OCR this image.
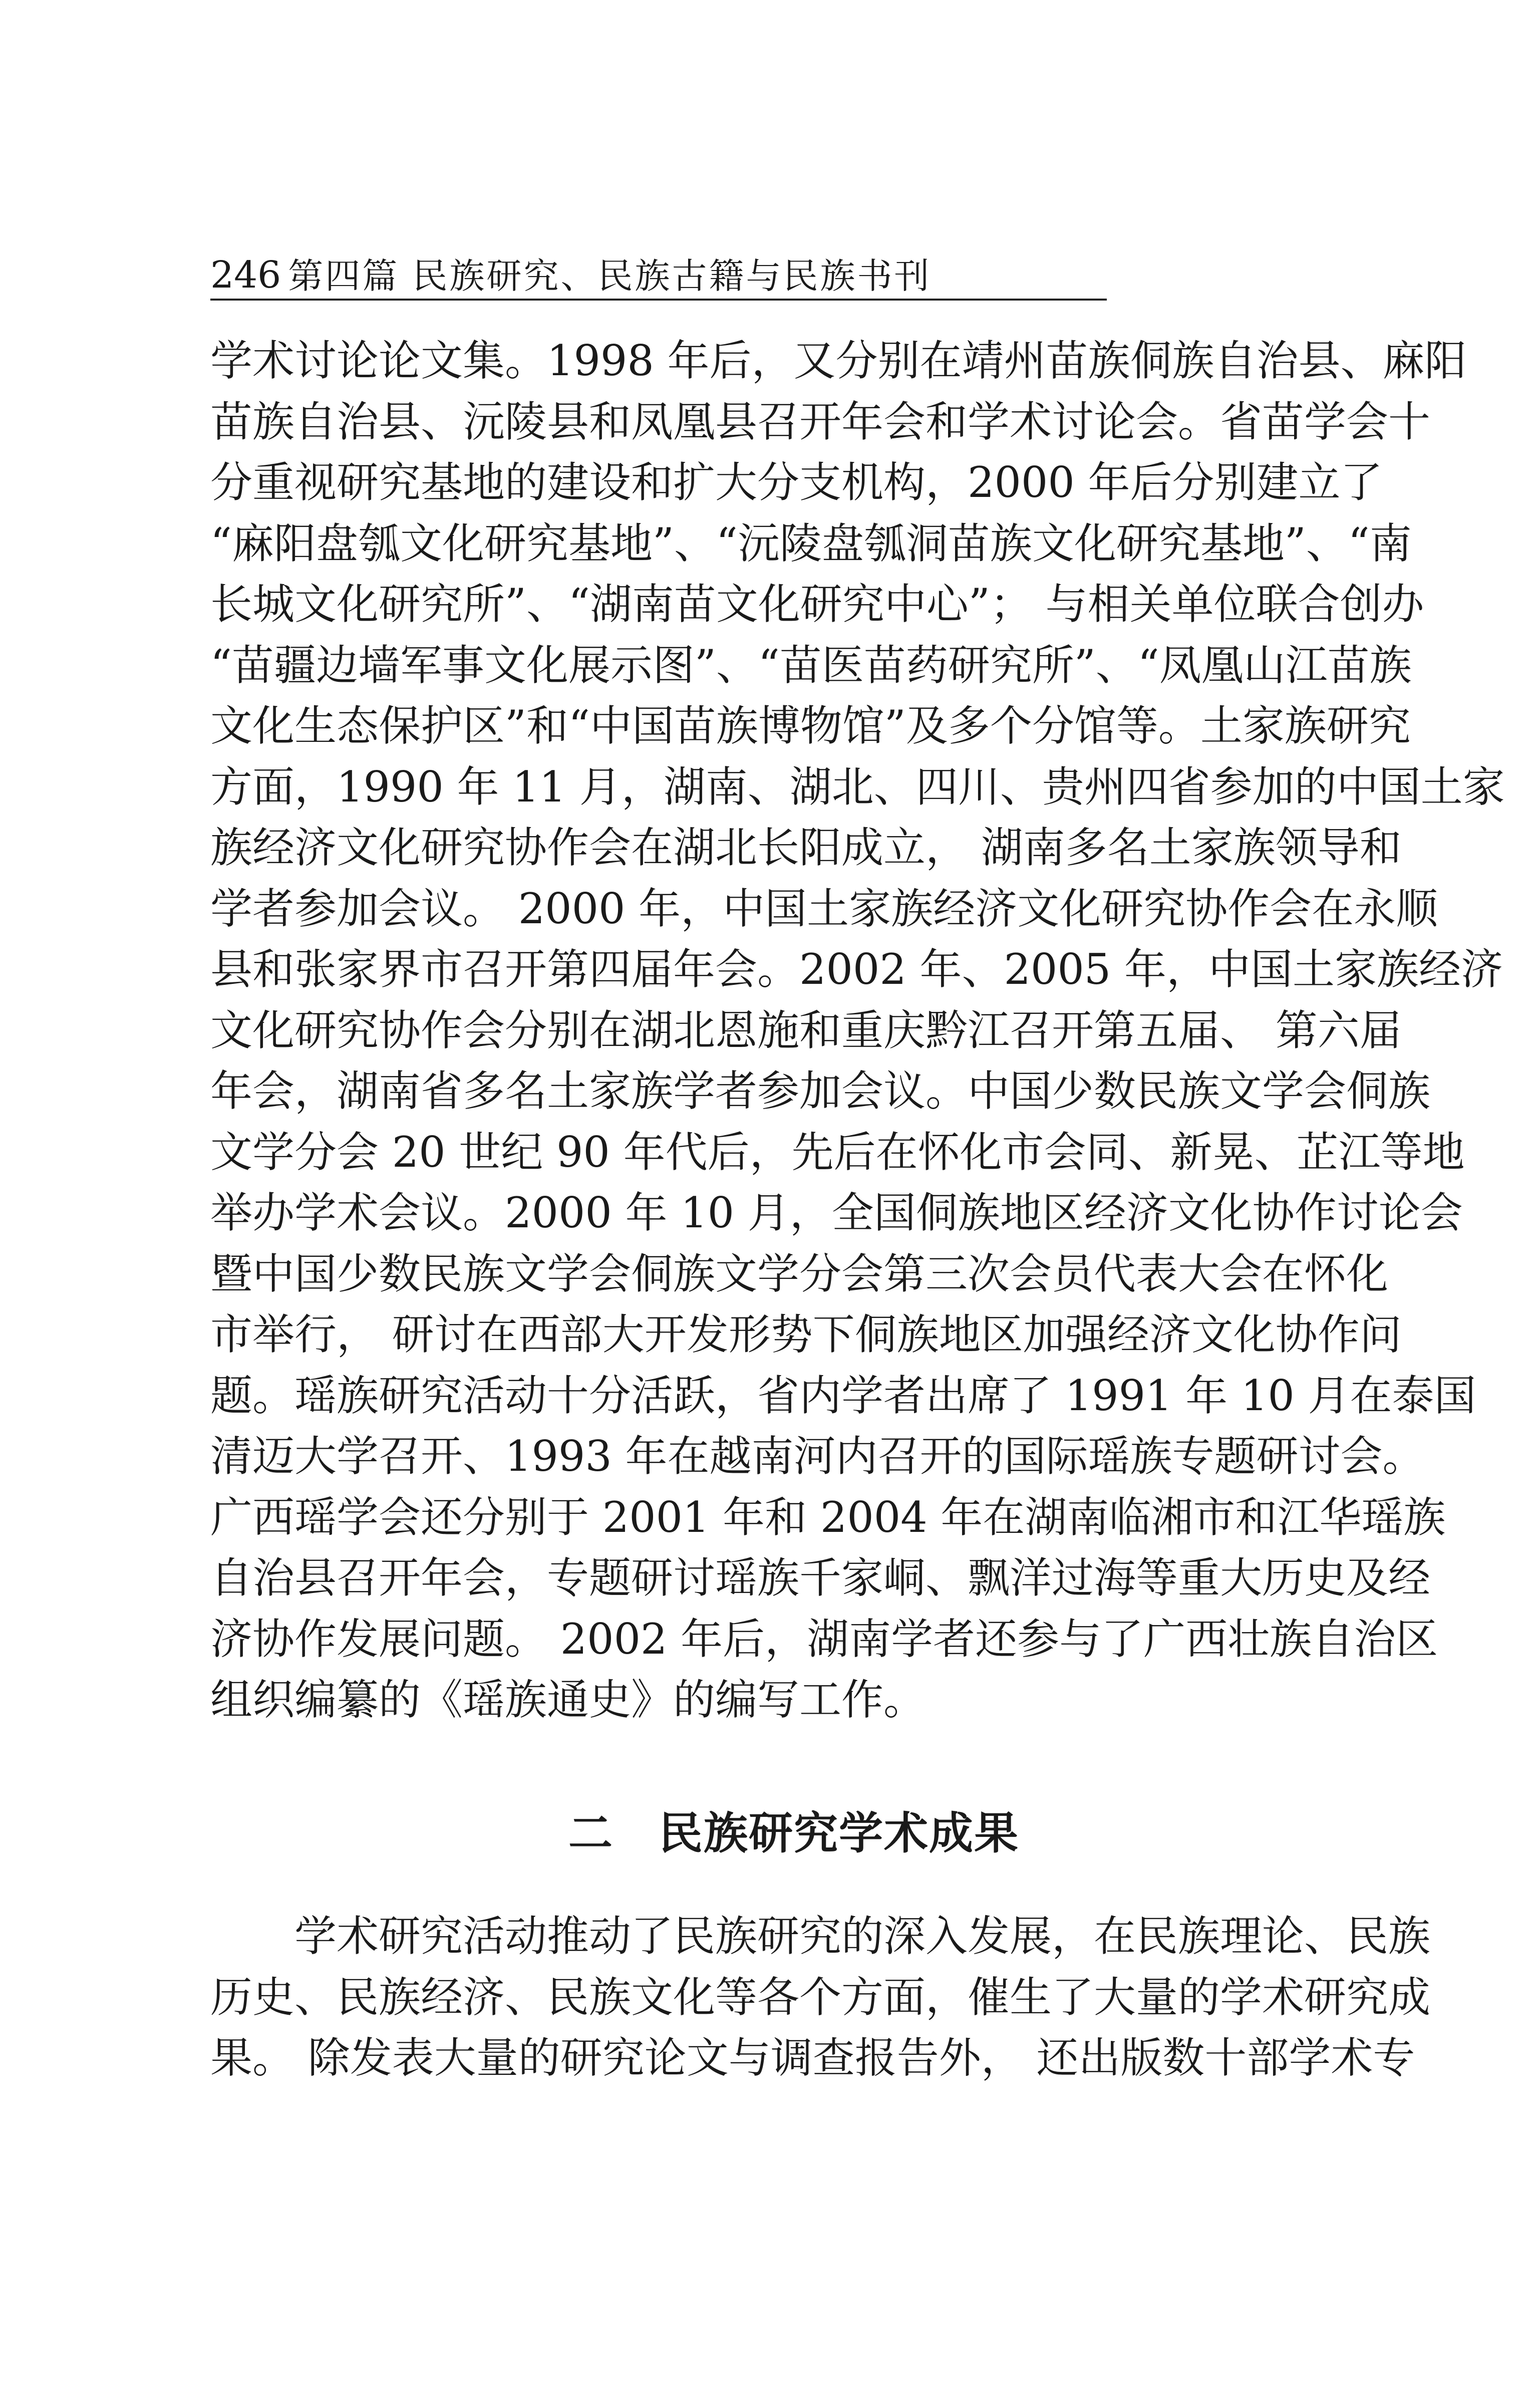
246 第四篇 民族研究、民族古籍与民族书刊
学术讨论论文集。1998 年后，又分别在靖州苗族侗族自治县、麻阳
苗族自治县、沅陵县和凤凰县召开年会和学术讨论会。省苗学会十
分重视研究基地的建设和扩大分支机构，2000 年后分别建立了
“麻阳盘瓠文化研究基地”、“沅陵盘瓠洞苗族文化研究基地”、“南
长城文化研究所”、“湖南苗文化研究中心”； 与相关单位联合创办
“苗疆边墙军事文化展示图”、“苗医苗药研究所”、“凤凰山江苗族
文化生态保护区”和“中国苗族博物馆”及多个分馆等。土家族研究
方面，1990 年 11 月，湖南、湖北、四川、贵州四省参加的中国土家
族经济文化研究协作会在湖北长阳成立， 湖南多名土家族领导和
学者参加会议。 2000 年，中国土家族经济文化研究协作会在永顺
县和张家界市召开第四届年会。2002 年、2005 年，中国土家族经济
文化研究协作会分别在湖北恩施和重庆黔江召开第五届、 第六届
年会，湖南省多名土家族学者参加会议。中国少数民族文学会侗族
文学分会 20 世纪 90 年代后，先后在怀化市会同、新晃、芷江等地
举办学术会议。2000 年 10 月，全国侗族地区经济文化协作讨论会
暨中国少数民族文学会侗族文学分会第三次会员代表大会在怀化
市举行， 研讨在西部大开发形势下侗族地区加强经济文化协作问
题。瑶族研究活动十分活跃，省内学者出席了 1991 年 10 月在泰国
清迈大学召开、1993 年在越南河内召开的国际瑶族专题研讨会。
广西瑶学会还分别于 2001 年和 2004 年在湖南临湘市和江华瑶族
自治县召开年会，专题研讨瑶族千家峒、飘洋过海等重大历史及经
济协作发展问题。 2002 年后，湖南学者还参与了广西壮族自治区
组织编纂的《瑶族通史》的编写工作。
二 民族研究学术成果
学术研究活动推动了民族研究的深入发展，在民族理论、民族
历史、民族经济、民族文化等各个方面，催生了大量的学术研究成
果。 除发表大量的研究论文与调查报告外， 还出版数十部学术专
